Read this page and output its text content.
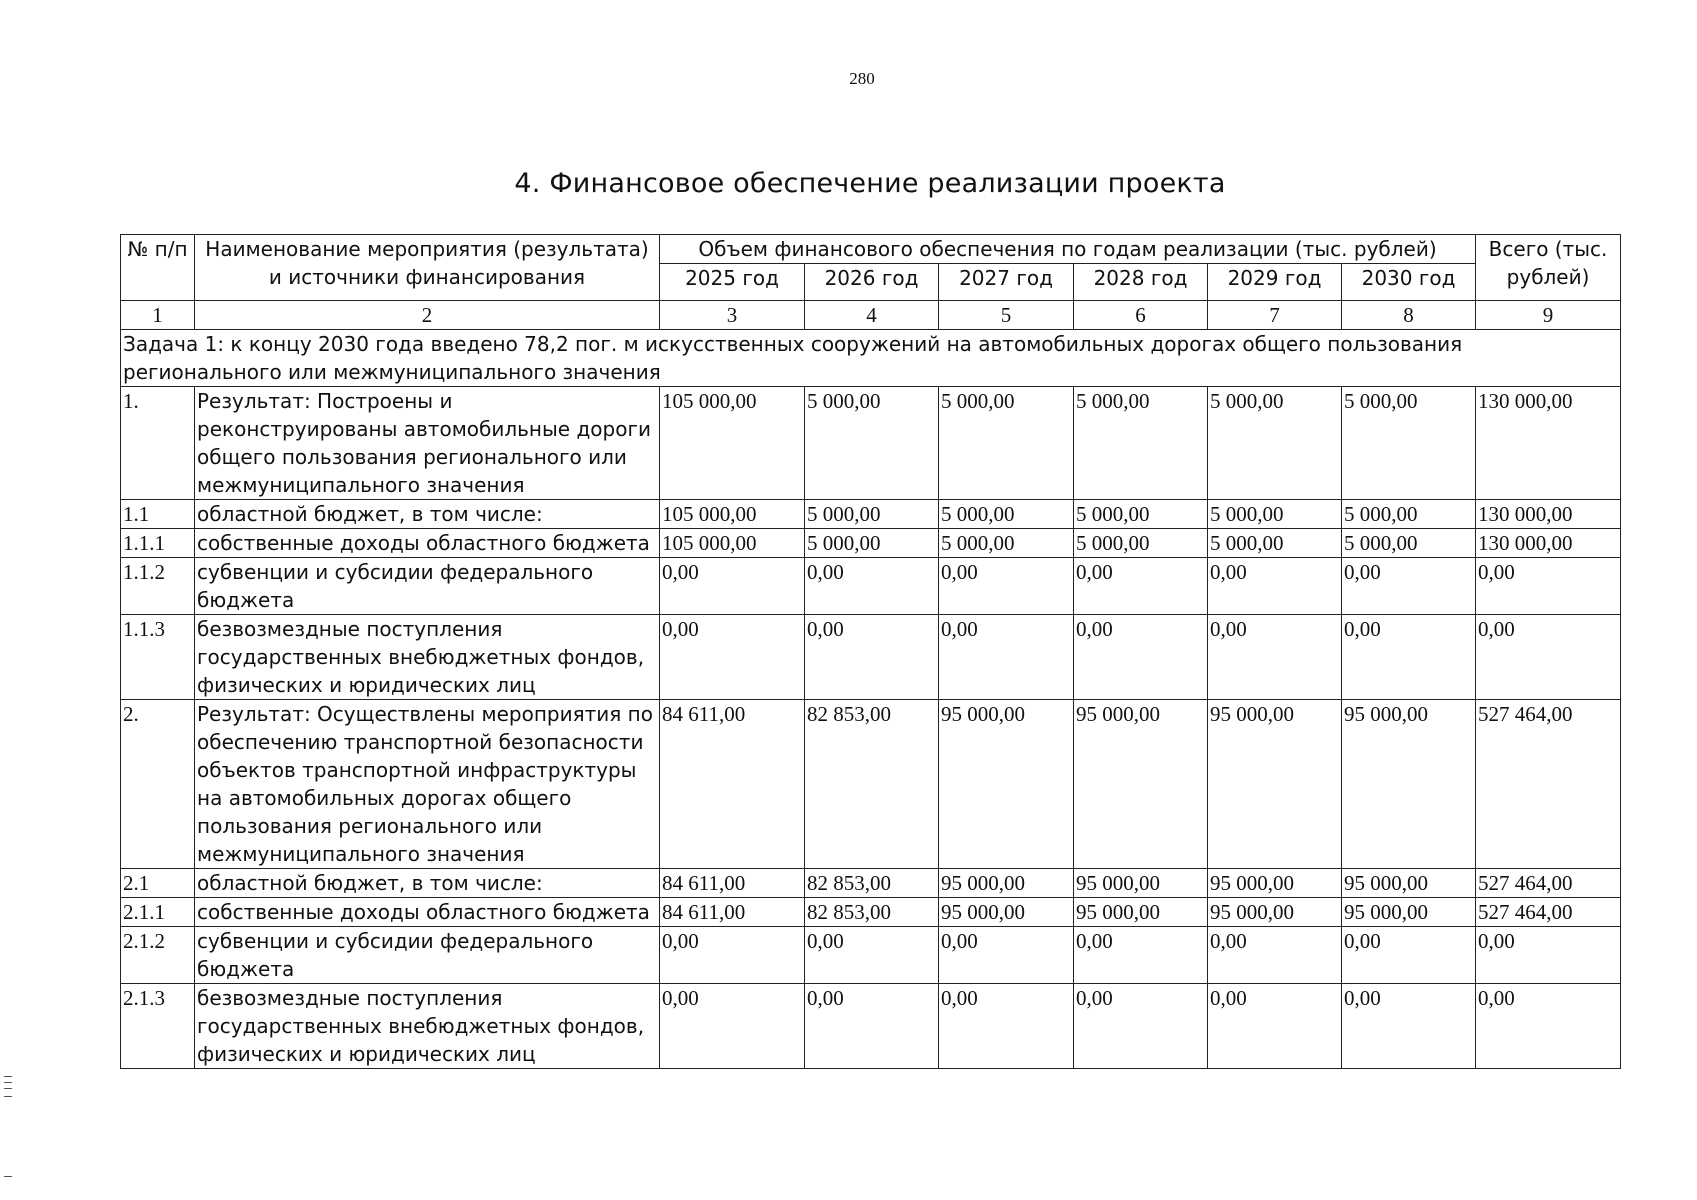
280
4. Финансовое обеспечение реализации проекта
№ п/п	Наименование мероприятия (результата) и источники финансирования	Объем финансового обеспечения по годам реализации (тыс. рублей)						Всего (тыс. рублей)
		2025 год	2026 год	2027 год	2028 год	2029 год	2030 год	
1	2	3	4	5	6	7	8	9
Задача 1: к концу 2030 года введено 78,2 пог. м искусственных сооружений на автомобильных дорогах общего пользования регионального или межмуниципального значения								
1.	Результат: Построены и реконструированы автомобильные дороги общего пользования регионального или межмуниципального значения	105 000,00	5 000,00	5 000,00	5 000,00	5 000,00	5 000,00	130 000,00
1.1	областной бюджет, в том числе:	105 000,00	5 000,00	5 000,00	5 000,00	5 000,00	5 000,00	130 000,00
1.1.1	собственные доходы областного бюджета	105 000,00	5 000,00	5 000,00	5 000,00	5 000,00	5 000,00	130 000,00
1.1.2	субвенции и субсидии федерального бюджета	0,00	0,00	0,00	0,00	0,00	0,00	0,00
1.1.3	безвозмездные поступления государственных внебюджетных фондов, физических и юридических лиц	0,00	0,00	0,00	0,00	0,00	0,00	0,00
2.	Результат: Осуществлены мероприятия по обеспечению транспортной безопасности объектов транспортной инфраструктуры на автомобильных дорогах общего пользования регионального или межмуниципального значения	84 611,00	82 853,00	95 000,00	95 000,00	95 000,00	95 000,00	527 464,00
2.1	областной бюджет, в том числе:	84 611,00	82 853,00	95 000,00	95 000,00	95 000,00	95 000,00	527 464,00
2.1.1	собственные доходы областного бюджета	84 611,00	82 853,00	95 000,00	95 000,00	95 000,00	95 000,00	527 464,00
2.1.2	субвенции и субсидии федерального бюджета	0,00	0,00	0,00	0,00	0,00	0,00	0,00
2.1.3	безвозмездные поступления государственных внебюджетных фондов, физических и юридических лиц	0,00	0,00	0,00	0,00	0,00	0,00	0,00
